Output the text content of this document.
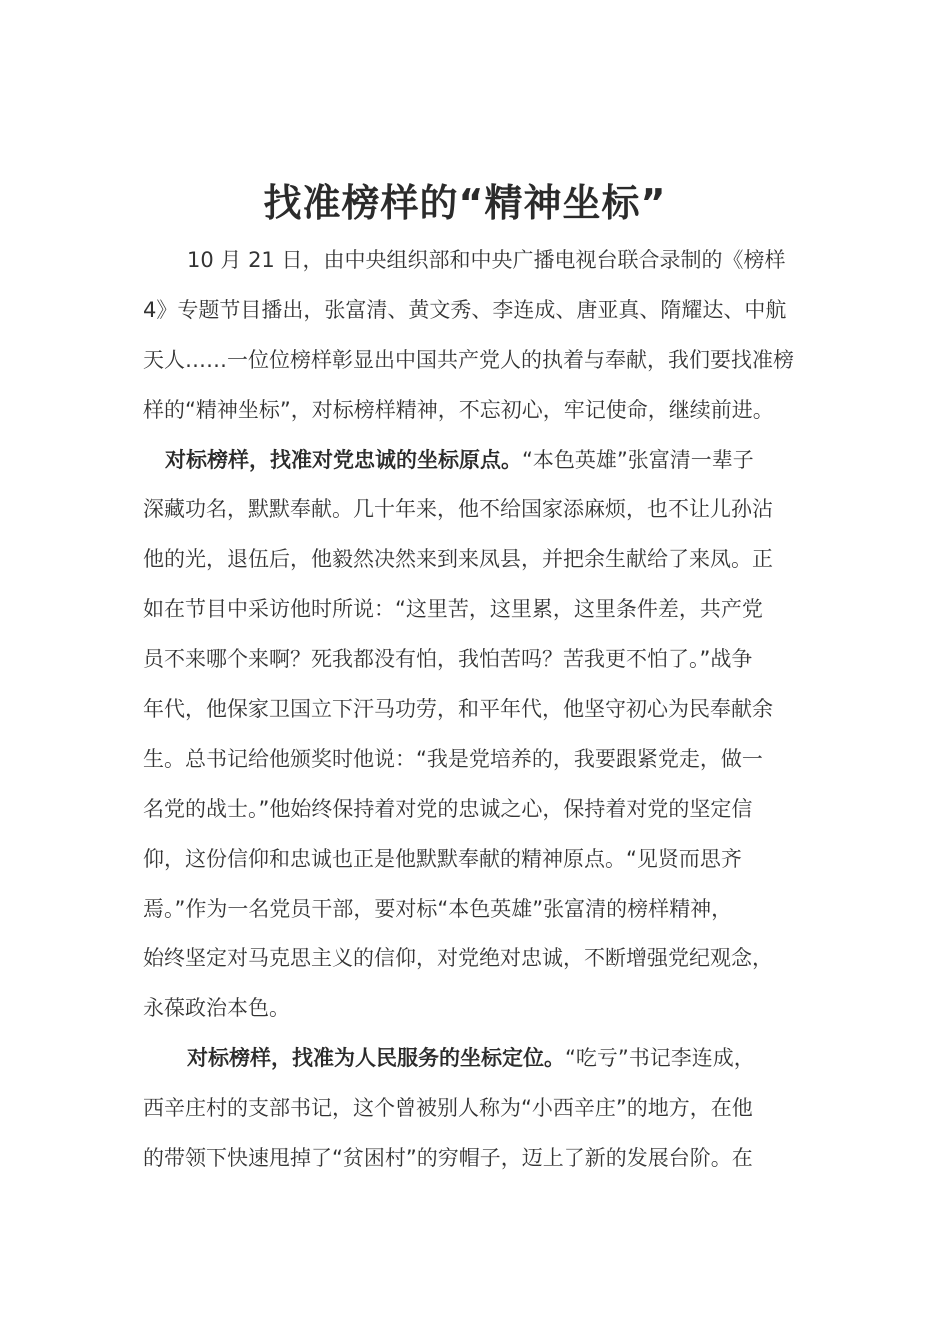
找准榜样的“精神坐标”
10 月 21 日，由中央组织部和中央广播电视台联合录制的《榜样
4》专题节目播出，张富清、黄文秀、李连成、唐亚真、隋耀达、中航
天人……一位位榜样彰显出中国共产党人的执着与奉献，我们要找准榜
样的“精神坐标”，对标榜样精神，不忘初心，牢记使命，继续前进。
对标榜样，找准对党忠诚的坐标原点。“本色英雄”张富清一辈子
深藏功名，默默奉献。几十年来，他不给国家添麻烦，也不让儿孙沾
他的光，退伍后，他毅然决然来到来凤县，并把余生献给了来凤。正
如在节目中采访他时所说：“这里苦，这里累，这里条件差，共产党
员不来哪个来啊？死我都没有怕，我怕苦吗？苦我更不怕了。”战争
年代，他保家卫国立下汗马功劳，和平年代，他坚守初心为民奉献余
生。总书记给他颁奖时他说：“我是党培养的，我要跟紧党走，做一
名党的战士。”他始终保持着对党的忠诚之心，保持着对党的坚定信
仰，这份信仰和忠诚也正是他默默奉献的精神原点。“见贤而思齐
焉。”作为一名党员干部，要对标“本色英雄”张富清的榜样精神，
始终坚定对马克思主义的信仰，对党绝对忠诚，不断增强党纪观念，
永葆政治本色。
对标榜样，找准为人民服务的坐标定位。“吃亏”书记李连成，
西辛庄村的支部书记，这个曾被别人称为“小西辛庄”的地方，在他
的带领下快速甩掉了“贫困村”的穷帽子，迈上了新的发展台阶。在
